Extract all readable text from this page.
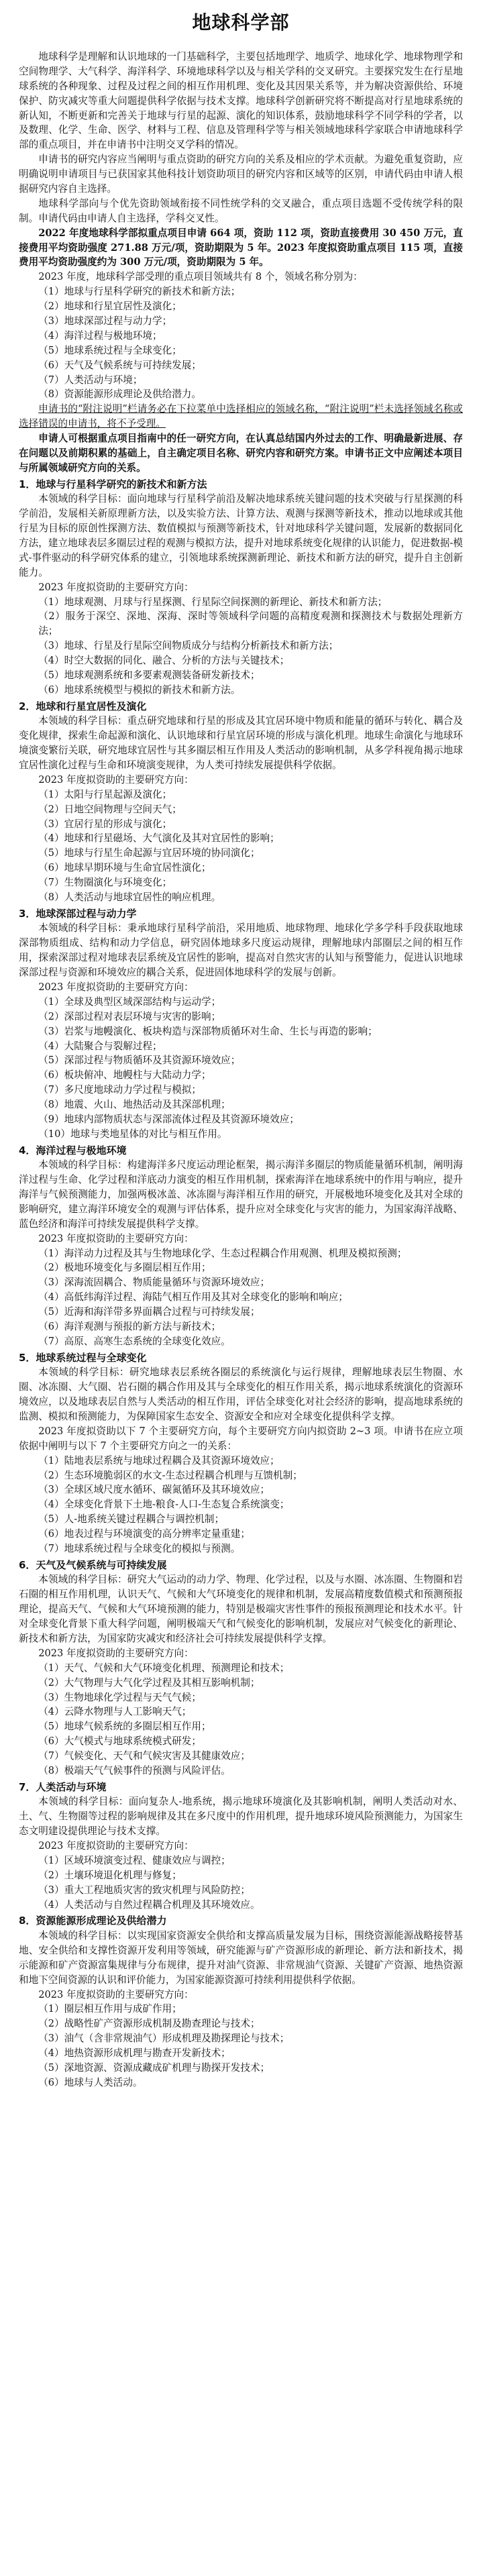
地球科学部

地球科学是理解和认识地球的一门基础科学，主要包括地理学、地质学、地球化学、地球物理学和空间物理学、大气科学、海洋科学、环境地球科学以及与相关学科的交叉研究。主要探究发生在行星地球系统的各种现象、过程及过程之间的相互作用机理、变化及其因果关系等，并为解决资源供给、环境保护、防灾减灾等重大问题提供科学依据与技术支撑。地球科学创新研究将不断提高对行星地球系统的新认知，不断更新和完善关于地球与行星的起源、演化的知识体系，鼓励地球科学不同学科的学者，以及数理、化学、生命、医学、材料与工程、信息及管理科学等与相关领域地球科学家联合申请地球科学部的重点项目，并在申请书中注明交叉学科的情况。

申请书的研究内容应当阐明与重点资助的研究方向的关系及相应的学术贡献。为避免重复资助，应明确说明申请项目与已获国家其他科技计划资助项目的研究内容和区域等的区别，申请代码由申请人根据研究内容自主选择。

地球科学部向与个优先资助领域衔接不同性统学科的交叉融合，重点项目选题不受传统学科的限制。申请代码由申请人自主选择，学科交叉性。

2022 年度地球科学部拟重点项目申请 664 项，资助 112 项，资助直接费用 30 450 万元，直接费用平均资助强度 271.88 万元/项，资助期限为 5 年。2023 年度拟资助重点项目 115 项，直接费用平均资助强度约为 300 万元/项，资助期限为 5 年。

2023 年度，地球科学部受理的重点项目领域共有 8 个，领域名称分别为：

（1）地球与行星科学研究的新技术和新方法；

（2）地球和行星宜居性及演化；

（3）地球深部过程与动力学；

（4）海洋过程与极地环境；

（5）地球系统过程与全球变化；

（6）天气及气候系统与可持续发展；

（7）人类活动与环境；

（8）资源能源形成理论及供给潜力。

申请书的“附注说明”栏请务必在下拉菜单中选择相应的领域名称，“附注说明”栏未选择领域名称或选择错误的申请书，将不予受理。

申请人可根据重点项目指南中的任一研究方向，在认真总结国内外过去的工作、明确最新进展、存在问题以及前期积累的基础上，自主确定项目名称、研究内容和研究方案。申请书正文中应阐述本项目与所属领域研究方向的关系。

1．地球与行星科学研究的新技术和新方法

本领域的科学目标：面向地球与行星科学前沿及解决地球系统关键问题的技术突破与行星探测的科学前沿，发展相关新原理新方法，以及实验方法、计算方法、观测与探测等新技术，推动以地球或其他行星为目标的原创性探测方法、数值模拟与预测等新技术，针对地球科学关键问题，发展新的数据同化方法，建立地球表层多圈层过程的观测与模拟方法，提升对地球系统变化规律的认识能力，促进数据-模式-事件驱动的科学研究体系的建立，引领地球系统探测新理论、新技术和新方法的研究，提升自主创新能力。

2023 年度拟资助的主要研究方向：

（1）地球观测、月球与行星探测、行星际空间探测的新理论、新技术和新方法；

（2）服务于深空、深地、深海、深时等领域科学问题的高精度观测和探测技术与数据处理新方法；

（3）地球、行星及行星际空间物质成分与结构分析新技术和新方法；

（4）时空大数据的同化、融合、分析的方法与关键技术；

（5）地球观测系统和多要素观测装备研发新技术；

（6）地球系统模型与模拟的新技术和新方法。

2．地球和行星宜居性及演化

本领域的科学目标：重点研究地球和行星的形成及其宜居环境中物质和能量的循环与转化、耦合及变化规律，探索生命起源和演化、认识地球和行星宜居环境的形成与演化机理。地球生命演化与地球环境演变繁衍关联，研究地球宜居性与其多圈层相互作用及人类活动的影响机制，从多学科视角揭示地球宜居性演化过程与生命和环境演变规律，为人类可持续发展提供科学依据。

2023 年度拟资助的主要研究方向：

（1）太阳与行星起源及演化；

（2）日地空间物理与空间天气；

（3）宜居行星的形成与演化；

（4）地球和行星磁场、大气演化及其对宜居性的影响；

（5）地球与行星生命起源与宜居环境的协同演化；

（6）地球早期环境与生命宜居性演化；

（7）生物圈演化与环境变化；

（8）人类活动与地球宜居性的响应机理。

3．地球深部过程与动力学

本领域的科学目标：秉承地球行星科学前沿，采用地质、地球物理、地球化学多学科手段获取地球深部物质组成、结构和动力学信息，研究固体地球多尺度运动规律，理解地球内部圈层之间的相互作用，探索深部过程对地球表层系统及宜居性的影响，提高对自然灾害的认知与预警能力，促进认识地球深部过程与资源和环境效应的耦合关系，促进固体地球科学的发展与创新。

2023 年度拟资助的主要研究方向：

（1）全球及典型区域深部结构与运动学；

（2）深部过程对表层环境与灾害的影响；

（3）岩浆与地幔演化、板块构造与深部物质循环对生命、生长与再造的影响；

（4）大陆聚合与裂解过程；

（5）深部过程与物质循环及其资源环境效应；

（6）板块俯冲、地幔柱与大陆动力学；

（7）多尺度地球动力学过程与模拟；

（8）地震、火山、地热活动及其深部机理；

（9）地球内部物质状态与深部流体过程及其资源环境效应；

（10）地球与类地星体的对比与相互作用。

4．海洋过程与极地环境

本领域的科学目标：构建海洋多尺度运动理论框架，揭示海洋多圈层的物质能量循环机制，阐明海洋过程与生命、化学过程和洋底动力演变的相互作用机制，探索海洋在地球系统中的作用与响应，提升海洋与气候预测能力，加强两极冰盖、冰冻圈与海洋相互作用的研究，开展极地环境变化及其对全球的影响研究，建立海洋环境安全的观测与评估体系，提升应对全球变化与灾害的能力，为国家海洋战略、蓝色经济和海洋可持续发展提供科学支撑。

2023 年度拟资助的主要研究方向：

（1）海洋动力过程及其与生物地球化学、生态过程耦合作用观测、机理及模拟预测；

（2）极地环境变化与多圈层相互作用；

（3）深海流固耦合、物质能量循环与资源环境效应；

（4）高低纬海洋过程、海陆气相互作用及其对全球变化的影响和响应；

（5）近海和海洋带多界面耦合过程与可持续发展；

（6）海洋观测与预报的新方法与新技术；

（7）高原、高寒生态系统的全球变化效应。

5．地球系统过程与全球变化

本领域的科学目标：研究地球表层系统各圈层的系统演化与运行规律，理解地球表层生物圈、水圈、冰冻圈、大气圈、岩石圈的耦合作用及其与全球变化的相互作用关系，揭示地球系统演化的资源环境效应，以及地球表层自然与人类活动的相互作用，评估全球变化对社会经济的影响，提高地球系统的监测、模拟和预测能力，为保障国家生态安全、资源安全和应对全球变化提供科学支撑。

2023 年度拟资助以下 7 个主要研究方向，每个主要研究方向内拟资助 2~3 项。申请书在应立项依据中阐明与以下 7 个主要研究方向之一的关系：

（1）陆地表层系统与地球过程耦合及其资源环境效应；

（2）生态环境脆弱区的水文-生态过程耦合机理与互馈机制；

（3）全球区域尺度水循环、碳氮循环及其环境效应；

（4）全球变化背景下土地-粮食-人口-生态复合系统演变；

（5）人-地系统关键过程耦合与调控机制；

（6）地表过程与环境演变的高分辨率定量重建；

（7）地球系统过程与全球变化的模拟与预测。

6．天气及气候系统与可持续发展

本领域的科学目标：研究大气运动的动力学、物理、化学过程，以及与水圈、冰冻圈、生物圈和岩石圈的相互作用机理，认识天气、气候和大气环境变化的规律和机制，发展高精度数值模式和预测预报理论，提高天气、气候和大气环境预测的能力，特别是极端灾害性事件的预报预测理论和技术水平。针对全球变化背景下重大科学问题，阐明极端天气和气候变化的影响机制，发展应对气候变化的新理论、新技术和新方法，为国家防灾减灾和经济社会可持续发展提供科学支撑。

2023 年度拟资助的主要研究方向：

（1）天气、气候和大气环境变化机理、预测理论和技术；

（2）大气物理与大气化学过程及其相互影响机制；

（3）生物地球化学过程与天气气候；

（4）云降水物理与人工影响天气；

（5）地球气候系统的多圈层相互作用；

（6）大气模式与地球系统模式研发；

（7）气候变化、天气和气候灾害及其健康效应；

（8）极端天气气候事件的预测与风险评估。

7．人类活动与环境

本领域的科学目标：面向复杂人-地系统，揭示地球环境演化及其影响机制，阐明人类活动对水、土、气、生物圈等过程的影响规律及其在多尺度中的作用机理，提升地球环境风险预测能力，为国家生态文明建设提供理论与技术支撑。

2023 年度拟资助的主要研究方向：

（1）区域环境演变过程、健康效应与调控；

（2）土壤环境退化机理与修复；

（3）重大工程地质灾害的致灾机理与风险防控；

（4）人类活动与自然过程耦合机理及其环境效应。

8．资源能源形成理论及供给潜力

本领域的科学目标：以实现国家资源安全供给和支撑高质量发展为目标，围绕资源能源战略接替基地、安全供给和支撑性资源开发利用等领域，研究能源与矿产资源形成的新理论、新方法和新技术，揭示能源和矿产资源富集规律与分布规律，提升对油气资源、非常规油气资源、关键矿产资源、地热资源和地下空间资源的认识和评价能力，为国家能源资源可持续利用提供科学依据。

2023 年度拟资助的主要研究方向：

（1）圈层相互作用与成矿作用；

（2）战略性矿产资源形成机制及勘查理论与技术；

（3）油气（含非常规油气）形成机理及勘探理论与技术；

（4）地热资源形成机理与勘查开发新技术；

（5）深地资源、资源成藏成矿机理与勘探开发技术；

（6）地球与人类活动。
